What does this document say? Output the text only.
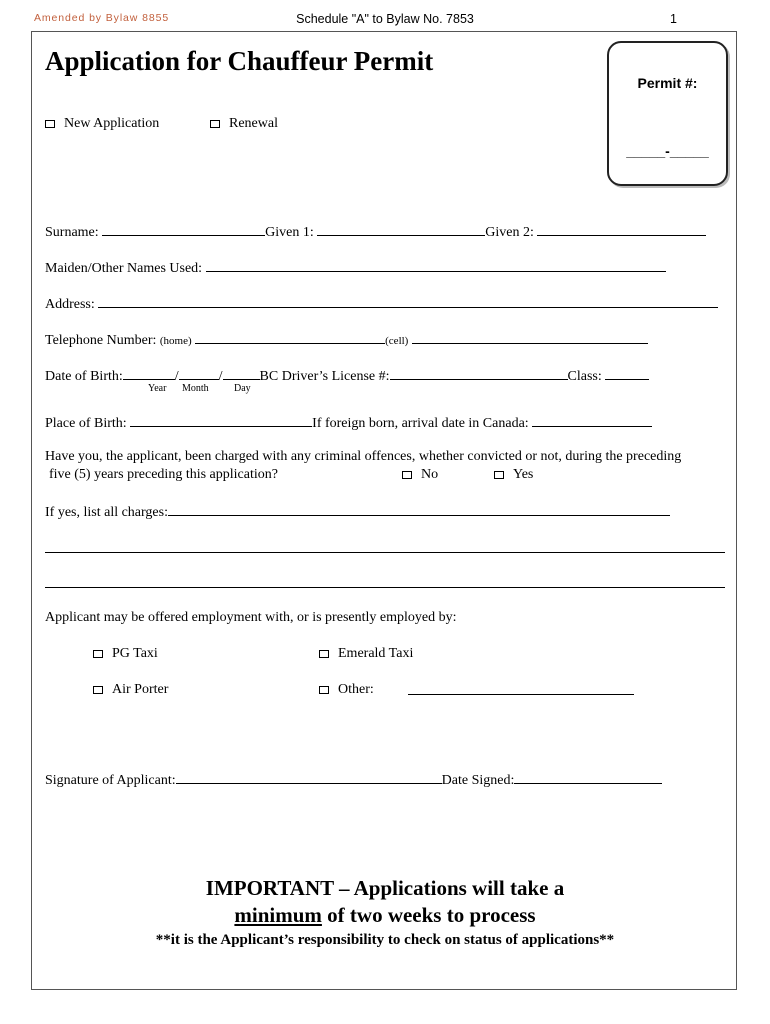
Amended by Bylaw 8855	Schedule "A" to Bylaw No. 7853	1
Application for Chauffeur Permit
Permit #:
_____-_____
New Application	Renewal
Surname:	Given 1:	Given 2:
Maiden/Other Names Used:
Address:
Telephone Number: (home)	(cell)
Date of Birth:	/	/	BC Driver’s License #:	Class:
Year Month	Day
Place of Birth:	If foreign born, arrival date in Canada:
Have you, the applicant, been charged with any criminal offences, whether convicted or not, during the preceding
five (5) years preceding this application?	No	Yes
If yes, list all charges:
Applicant may be offered employment with, or is presently employed by:
PG Taxi	Emerald Taxi
Air Porter	Other:
Signature of Applicant:	Date Signed:
IMPORTANT – Applications will take a
minimum of two weeks to process
**it is the Applicant’s responsibility to check on status of applications**
